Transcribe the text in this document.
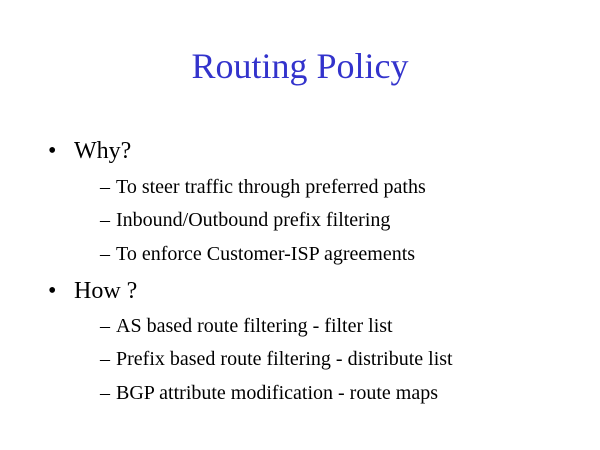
Routing Policy
• Why?
– To steer traffic through preferred paths
– Inbound/Outbound prefix filtering
– To enforce Customer-ISP agreements
• How ?
– AS based route filtering - filter list
– Prefix based route filtering - distribute list
– BGP attribute modification - route maps
